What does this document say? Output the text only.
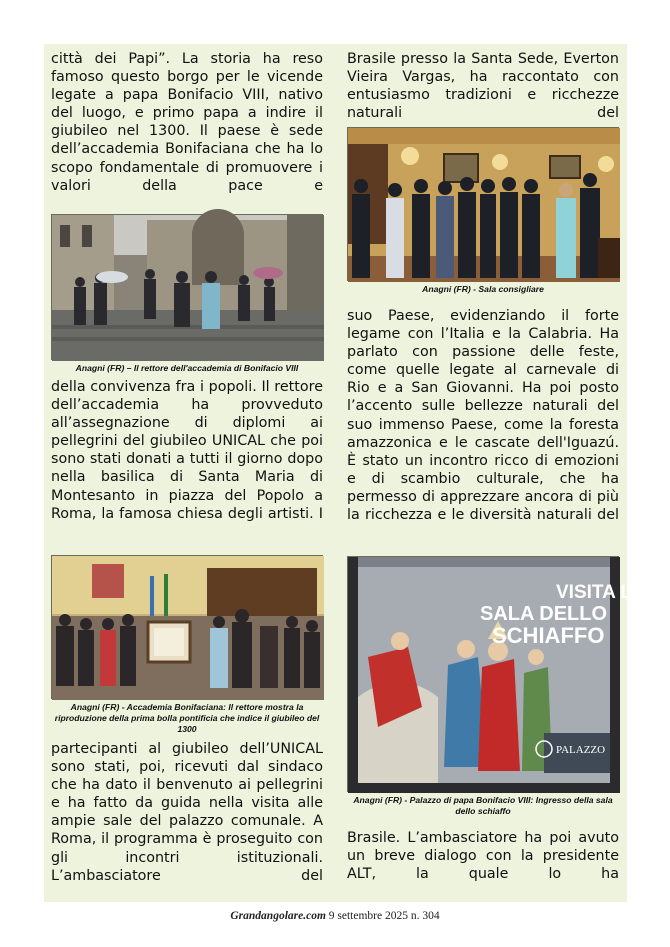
città dei Papi”. La storia ha reso famoso questo borgo per le vicende legate a papa Bonifacio VIII, nativo del luogo, e primo papa a indire il giubileo nel 1300. Il paese è sede dell’accademia Bonifaciana che ha lo scopo fondamentale di promuovere i valori della pace e

Anagni (FR) – Il rettore dell'accademia di Bonifacio VIII

della convivenza fra i popoli. Il rettore dell’accademia ha provveduto all’assegnazione di diplomi ai pellegrini del giubileo UNICAL che poi sono stati donati a tutti il giorno dopo nella basilica di Santa Maria di Montesanto in piazza del Popolo a Roma, la famosa chiesa degli artisti. I

Anagni (FR) - Accademia Bonifaciana: Il rettore mostra la riproduzione della prima bolla pontificia che indice il giubileo del 1300

partecipanti al giubileo dell’UNICAL sono stati, poi, ricevuti dal sindaco che ha dato il benvenuto ai pellegrini e ha fatto da guida nella visita alle ampie sale del palazzo comunale. A Roma, il programma è proseguito con gli incontri istituzionali. L’ambasciatore del

Brasile presso la Santa Sede, Everton Vieira Vargas, ha raccontato con entusiasmo tradizioni e ricchezze naturali del

Anagni (FR) - Sala consigliare

suo Paese, evidenziando il forte legame con l’Italia e la Calabria. Ha parlato con passione delle feste, come quelle legate al carnevale di Rio e a San Giovanni. Ha poi posto l’accento sulle bellezze naturali del suo immenso Paese, come la foresta amazzonica e le cascate dell'Iguazú. È stato un incontro ricco di emozioni e di scambio culturale, che ha permesso di apprezzare ancora di più la ricchezza e le diversità naturali del

VISITA LA
SALA DELLO
SCHIAFFO
PALAZZO
Anagni (FR) - Palazzo di papa Bonifacio VIII: Ingresso della sala dello schiaffo

Brasile. L’ambasciatore ha poi avuto un breve dialogo con la presidente ALT, la quale lo ha

Grandangolare.com 9 settembre 2025 n. 304
